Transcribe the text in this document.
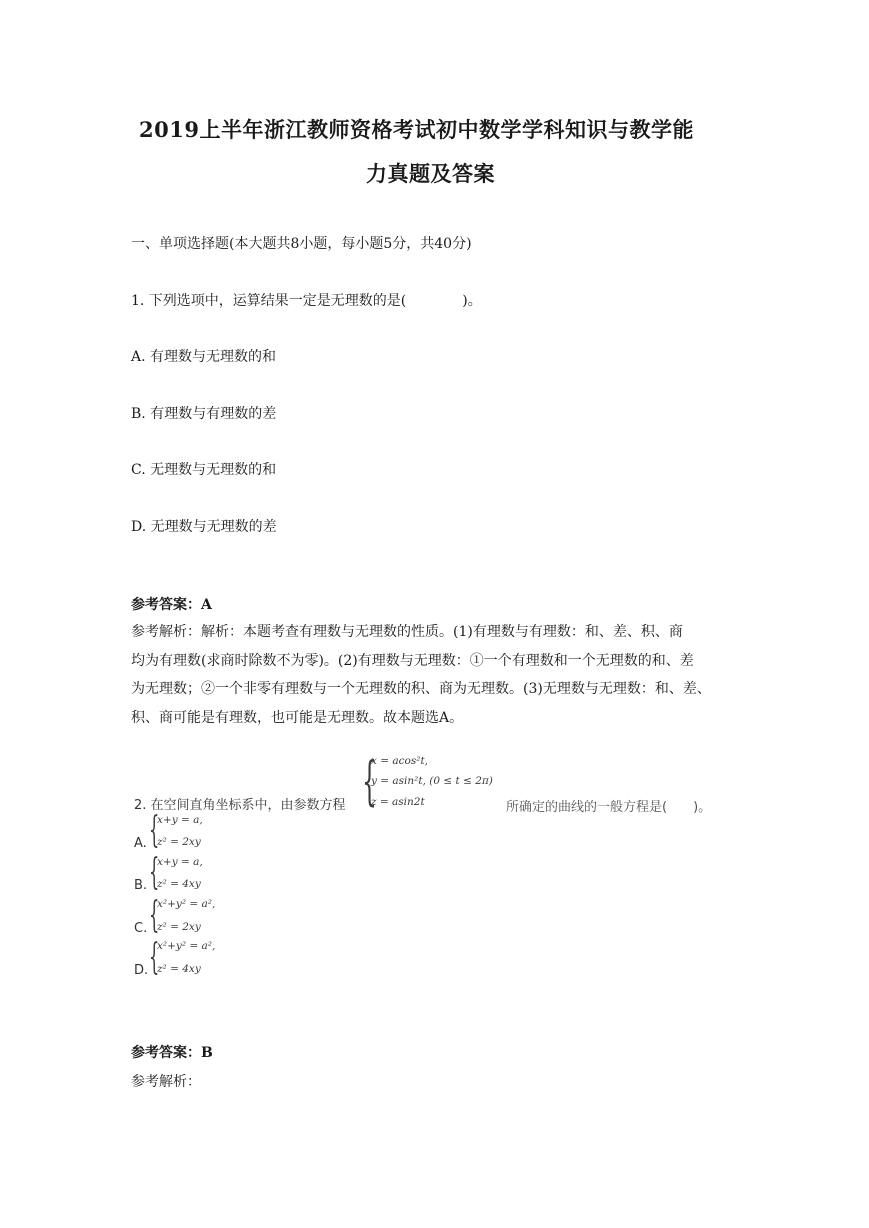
2019上半年浙江教师资格考试初中数学学科知识与教学能
力真题及答案
一、单项选择题(本大题共8小题，每小题5分，共40分)
1. 下列选项中，运算结果一定是无理数的是(　　　　)。
A. 有理数与无理数的和
B. 有理数与有理数的差
C. 无理数与无理数的和
D. 无理数与无理数的差
参考答案：A
参考解析：解析：本题考查有理数与无理数的性质。(1)有理数与有理数：和、差、积、商
均为有理数(求商时除数不为零)。(2)有理数与无理数：①一个有理数和一个无理数的和、差
为无理数；②一个非零有理数与一个无理数的积、商为无理数。(3)无理数与无理数：和、差、
积、商可能是有理数，也可能是无理数。故本题选A。
2. 在空间直角坐标系中，由参数方程 {
x = acos²t,
y = asin²t, (0 ≤ t ≤ 2π)
z = asin2t	所确定的曲线的一般方程是(　　)。
A. {
x+y = a,
z² = 2xy
B. {
x+y = a,
z² = 4xy
C. {
x²+y² = a²,
z² = 2xy
D. {
x²+y² = a²,
z² = 4xy
参考答案：B
参考解析：
